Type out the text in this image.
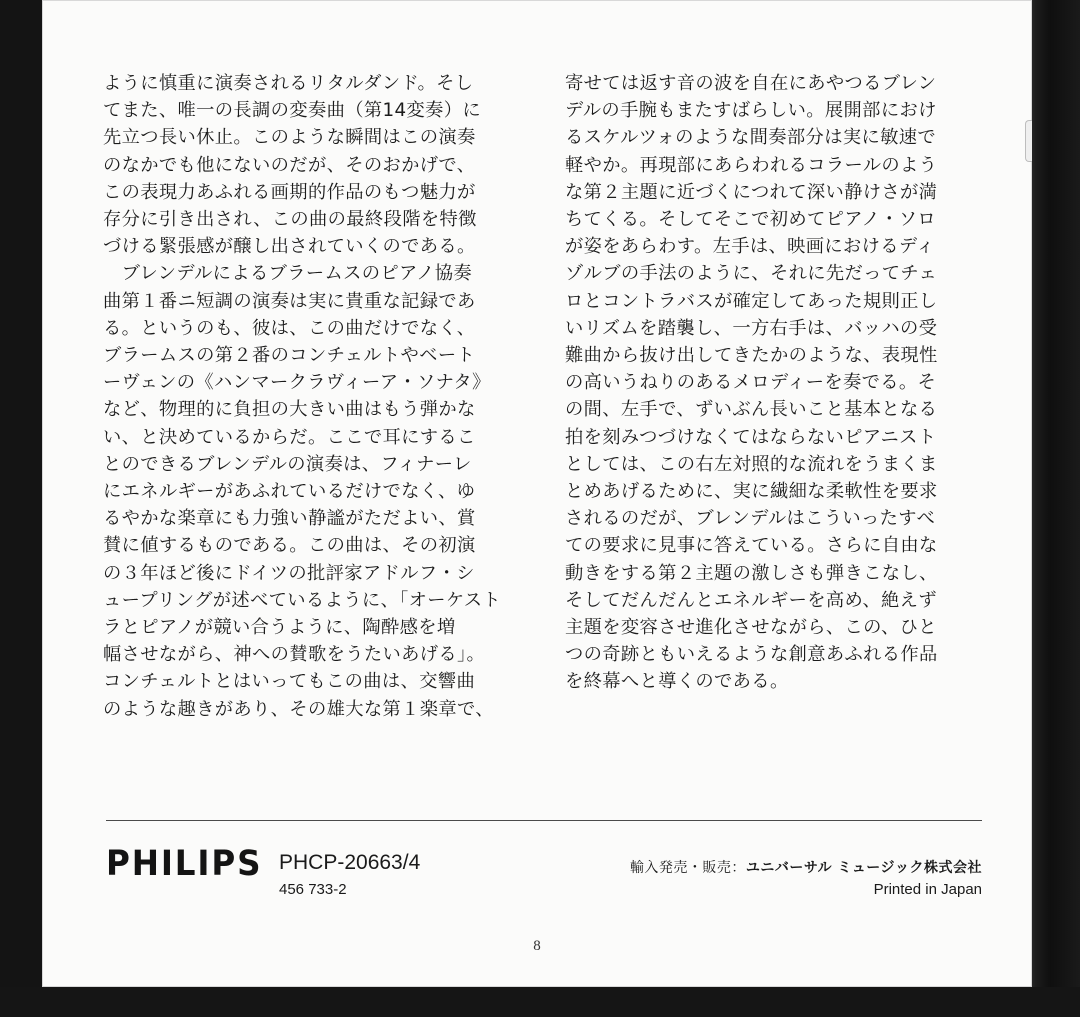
ように慎重に演奏されるリタルダンド。そし
てまた、唯一の長調の変奏曲（第14変奏）に
先立つ長い休止。このような瞬間はこの演奏
のなかでも他にないのだが、そのおかげで、
この表現力あふれる画期的作品のもつ魅力が
存分に引き出され、この曲の最終段階を特徴
づける緊張感が醸し出されていくのである。
　ブレンデルによるブラームスのピアノ協奏
曲第１番ニ短調の演奏は実に貴重な記録であ
る。というのも、彼は、この曲だけでなく、
ブラームスの第２番のコンチェルトやベート
ーヴェンの《ハンマークラヴィーア・ソナタ》
など、物理的に負担の大きい曲はもう弾かな
い、と決めているからだ。ここで耳にするこ
とのできるブレンデルの演奏は、フィナーレ
にエネルギーがあふれているだけでなく、ゆ
るやかな楽章にも力強い静謐がただよい、賞
賛に値するものである。この曲は、その初演
の３年ほど後にドイツの批評家アドルフ・シ
ュープリングが述べているように、「オーケスト
ラとピアノが競い合うように、陶酔感を増
幅させながら、神への賛歌をうたいあげる」。
コンチェルトとはいってもこの曲は、交響曲
のような趣きがあり、その雄大な第１楽章で、
寄せては返す音の波を自在にあやつるブレン
デルの手腕もまたすばらしい。展開部におけ
るスケルツォのような間奏部分は実に敏速で
軽やか。再現部にあらわれるコラールのよう
な第２主題に近づくにつれて深い静けさが満
ちてくる。そしてそこで初めてピアノ・ソロ
が姿をあらわす。左手は、映画におけるディ
ゾルブの手法のように、それに先だってチェ
ロとコントラバスが確定してあった規則正し
いリズムを踏襲し、一方右手は、バッハの受
難曲から抜け出してきたかのような、表現性
の高いうねりのあるメロディーを奏でる。そ
の間、左手で、ずいぶん長いこと基本となる
拍を刻みつづけなくてはならないピアニスト
としては、この右左対照的な流れをうまくま
とめあげるために、実に繊細な柔軟性を要求
されるのだが、ブレンデルはこういったすべ
ての要求に見事に答えている。さらに自由な
動きをする第２主題の激しさも弾きこなし、
そしてだんだんとエネルギーを高め、絶えず
主題を変容させ進化させながら、この、ひと
つの奇跡ともいえるような創意あふれる作品
を終幕へと導くのである。
PHILIPS PHCP-20663/4
456 733-2
輸入発売・販売：ユニバーサル ミュージック株式会社
Printed in Japan
8
